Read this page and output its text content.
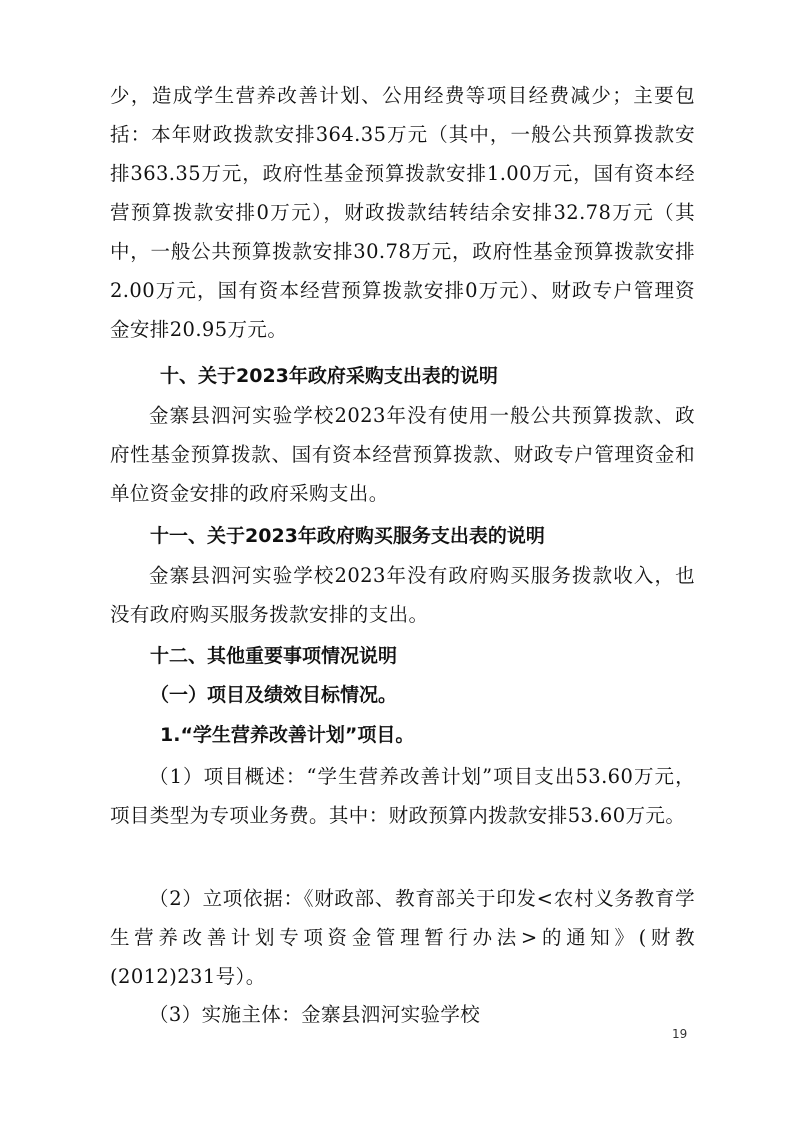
少，造成学生营养改善计划、公用经费等项目经费减少；主要包括：本年财政拨款安排364.35万元（其中，一般公共预算拨款安排363.35万元，政府性基金预算拨款安排1.00万元，国有资本经营预算拨款安排0万元），财政拨款结转结余安排32.78万元（其中，一般公共预算拨款安排30.78万元，政府性基金预算拨款安排2.00万元，国有资本经营预算拨款安排0万元）、财政专户管理资金安排20.95万元。

十、关于2023年政府采购支出表的说明

金寨县泗河实验学校2023年没有使用一般公共预算拨款、政府性基金预算拨款、国有资本经营预算拨款、财政专户管理资金和单位资金安排的政府采购支出。

十一、关于2023年政府购买服务支出表的说明

金寨县泗河实验学校2023年没有政府购买服务拨款收入，也没有政府购买服务拨款安排的支出。

十二、其他重要事项情况说明
（一）项目及绩效目标情况。
1.“学生营养改善计划”项目。

（1）项目概述：“学生营养改善计划”项目支出53.60万元，项目类型为专项业务费。其中：财政预算内拨款安排53.60万元。

（2）立项依据：《财政部、教育部关于印发<农村义务教育学生营养改善计划专项资金管理暂行办法>的通知》(财教(2012)231号）。

（3）实施主体：金寨县泗河实验学校

19
